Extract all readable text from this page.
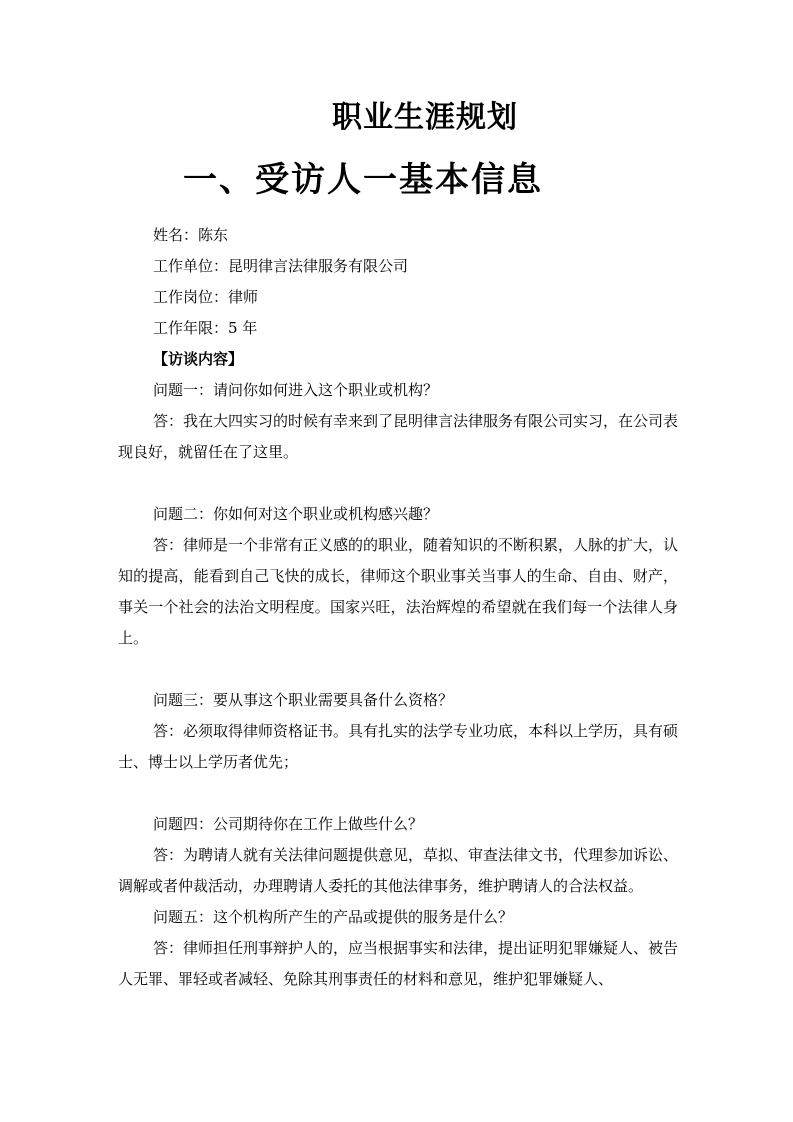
职业生涯规划
一、受访人一基本信息

姓名：陈东

工作单位：昆明律言法律服务有限公司

工作岗位：律师

工作年限：5 年

【访谈内容】

问题一：请问你如何进入这个职业或机构？

答：我在大四实习的时候有幸来到了昆明律言法律服务有限公司实习，在公司表现良好，就留任在了这里。

问题二：你如何对这个职业或机构感兴趣？

答：律师是一个非常有正义感的的职业，随着知识的不断积累，人脉的扩大，认知的提高，能看到自己飞快的成长，律师这个职业事关当事人的生命、自由、财产，事关一个社会的法治文明程度。国家兴旺，法治辉煌的希望就在我们每一个法律人身上。

问题三：要从事这个职业需要具备什么资格？

答：必须取得律师资格证书。具有扎实的法学专业功底，本科以上学历，具有硕士、博士以上学历者优先；

问题四：公司期待你在工作上做些什么？

答：为聘请人就有关法律问题提供意见，草拟、审查法律文书，代理参加诉讼、调解或者仲裁活动，办理聘请人委托的其他法律事务，维护聘请人的合法权益。

问题五：这个机构所产生的产品或提供的服务是什么？

答：律师担任刑事辩护人的，应当根据事实和法律，提出证明犯罪嫌疑人、被告人无罪、罪轻或者减轻、免除其刑事责任的材料和意见，维护犯罪嫌疑人、
